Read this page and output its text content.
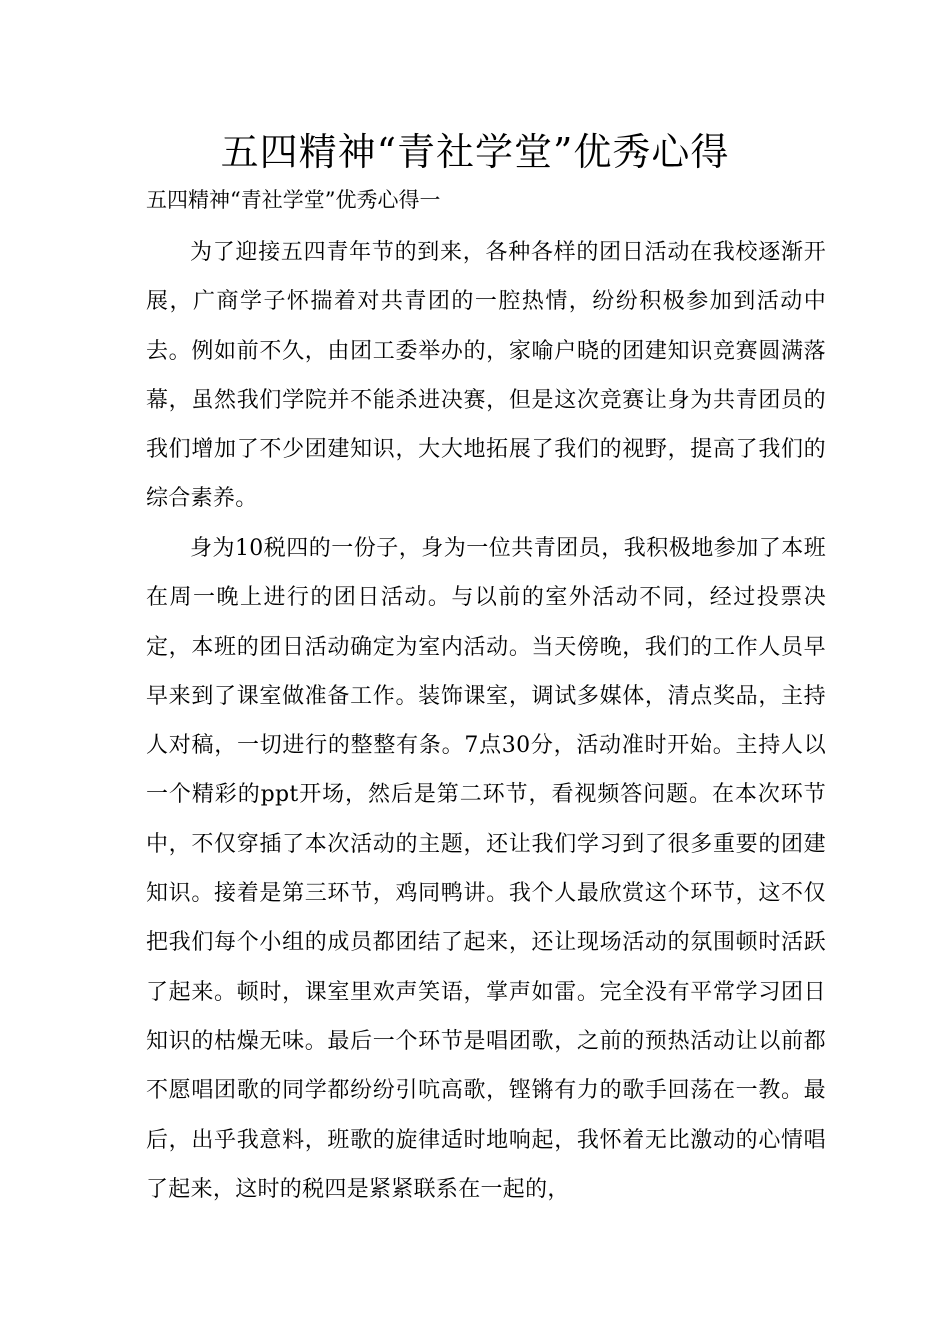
五四精神“青社学堂”优秀心得

五四精神“青社学堂”优秀心得一

为了迎接五四青年节的到来，各种各样的团日活动在我校逐渐开展，广商学子怀揣着对共青团的一腔热情，纷纷积极参加到活动中去。例如前不久，由团工委举办的，家喻户晓的团建知识竞赛圆满落幕，虽然我们学院并不能杀进决赛，但是这次竞赛让身为共青团员的我们增加了不少团建知识，大大地拓展了我们的视野，提高了我们的综合素养。

身为10税四的一份子，身为一位共青团员，我积极地参加了本班在周一晚上进行的团日活动。与以前的室外活动不同，经过投票决定，本班的团日活动确定为室内活动。当天傍晚，我们的工作人员早早来到了课室做准备工作。装饰课室，调试多媒体，清点奖品，主持人对稿，一切进行的整整有条。7点30分，活动准时开始。主持人以一个精彩的ppt开场，然后是第二环节，看视频答问题。在本次环节中，不仅穿插了本次活动的主题，还让我们学习到了很多重要的团建知识。接着是第三环节，鸡同鸭讲。我个人最欣赏这个环节，这不仅把我们每个小组的成员都团结了起来，还让现场活动的氛围顿时活跃了起来。顿时，课室里欢声笑语，掌声如雷。完全没有平常学习团日知识的枯燥无味。最后一个环节是唱团歌，之前的预热活动让以前都不愿唱团歌的同学都纷纷引吭高歌，铿锵有力的歌手回荡在一教。最后，出乎我意料，班歌的旋律适时地响起，我怀着无比激动的心情唱了起来，这时的税四是紧紧联系在一起的，
